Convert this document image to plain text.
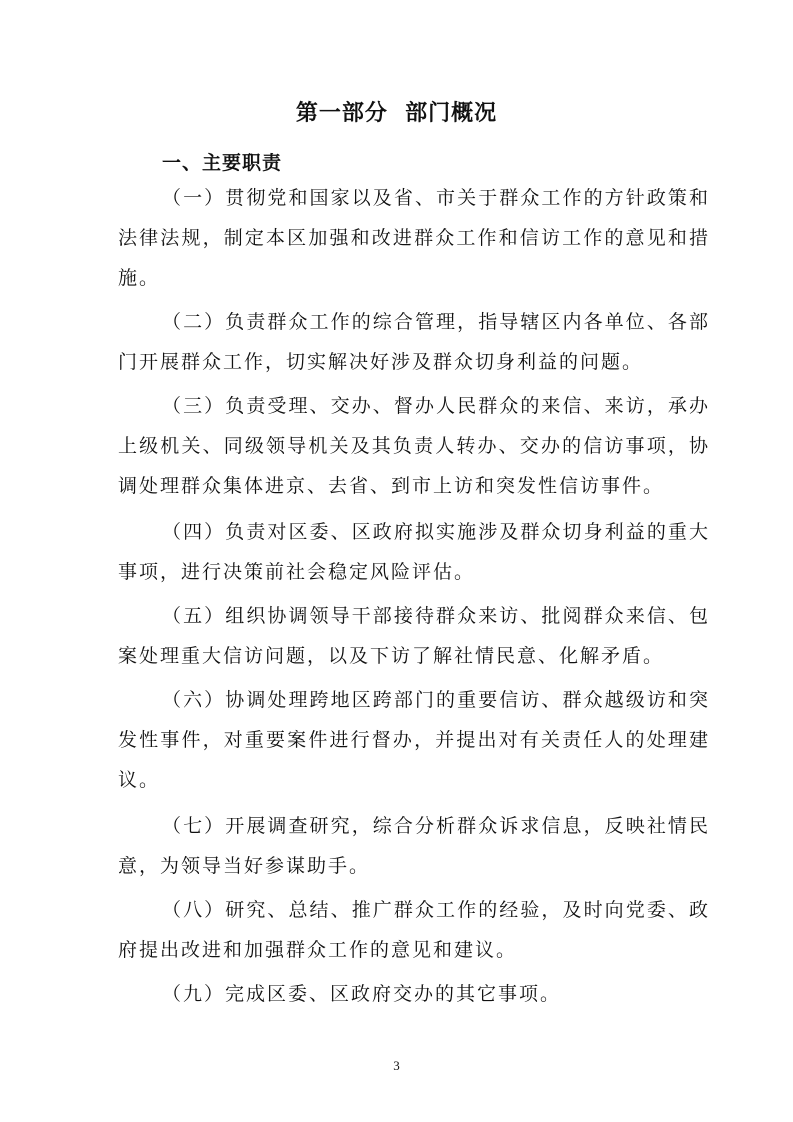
第一部分  部门概况
一、主要职责

（一）贯彻党和国家以及省、市关于群众工作的方针政策和法律法规，制定本区加强和改进群众工作和信访工作的意见和措施。

（二）负责群众工作的综合管理，指导辖区内各单位、各部门开展群众工作，切实解决好涉及群众切身利益的问题。

（三）负责受理、交办、督办人民群众的来信、来访，承办上级机关、同级领导机关及其负责人转办、交办的信访事项，协调处理群众集体进京、去省、到市上访和突发性信访事件。

（四）负责对区委、区政府拟实施涉及群众切身利益的重大事项，进行决策前社会稳定风险评估。

（五）组织协调领导干部接待群众来访、批阅群众来信、包案处理重大信访问题，以及下访了解社情民意、化解矛盾。

（六）协调处理跨地区跨部门的重要信访、群众越级访和突发性事件，对重要案件进行督办，并提出对有关责任人的处理建议。

（七）开展调查研究，综合分析群众诉求信息，反映社情民意，为领导当好参谋助手。

（八）研究、总结、推广群众工作的经验，及时向党委、政府提出改进和加强群众工作的意见和建议。

（九）完成区委、区政府交办的其它事项。

3
